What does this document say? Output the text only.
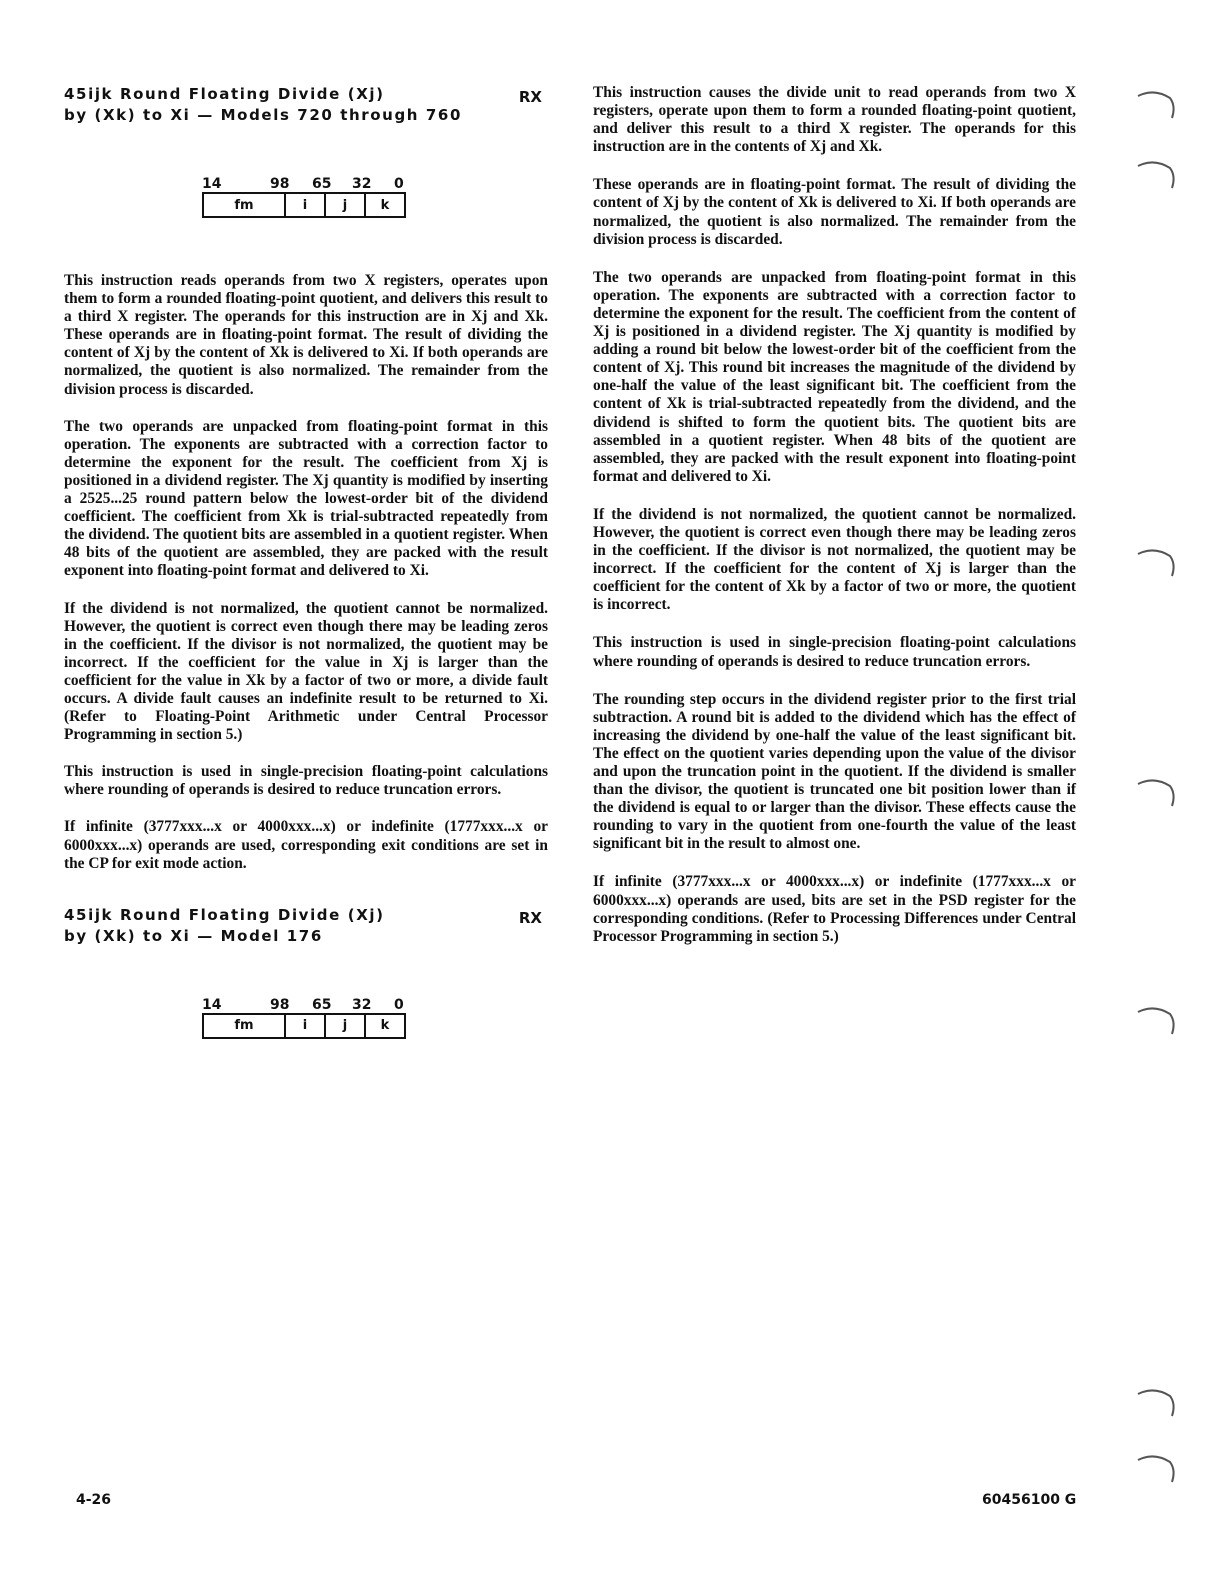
45ijk Round Floating Divide (Xj)
by (Xk) to Xi — Models 720 through 760
RX
14	98 65 32 0
fm	i	j	k

This instruction reads operands from two X registers, operates upon them to form a rounded floating-point quotient, and delivers this result to a third X register. The operands for this instruction are in Xj and Xk. These operands are in floating-point format. The result of dividing the content of Xj by the content of Xk is delivered to Xi. If both operands are normalized, the quotient is also normalized. The remainder from the division process is discarded.

The two operands are unpacked from floating-point format in this operation. The exponents are subtracted with a correction factor to determine the exponent for the result. The coefficient from Xj is positioned in a dividend register. The Xj quantity is modified by inserting a 2525...25 round pattern below the lowest-order bit of the dividend coefficient. The coefficient from Xk is trial-subtracted repeatedly from the dividend. The quotient bits are assembled in a quotient register. When 48 bits of the quotient are assembled, they are packed with the result exponent into floating-point format and delivered to Xi.

If the dividend is not normalized, the quotient cannot be normalized. However, the quotient is correct even though there may be leading zeros in the coefficient. If the divisor is not normalized, the quotient may be incorrect. If the coefficient for the value in Xj is larger than the coefficient for the value in Xk by a factor of two or more, a divide fault occurs. A divide fault causes an indefinite result to be returned to Xi. (Refer to Floating-Point Arithmetic under Central Processor Programming in section 5.)

This instruction is used in single-precision floating-point calculations where rounding of operands is desired to reduce truncation errors.

If infinite (3777xxx...x or 4000xxx...x) or indefinite (1777xxx...x or 6000xxx...x) operands are used, corresponding exit conditions are set in the CP for exit mode action.

45ijk Round Floating Divide (Xj)
by (Xk) to Xi — Model 176
RX
14	98 65 32 0
fm	i	j	k

This instruction causes the divide unit to read operands from two X registers, operate upon them to form a rounded floating-point quotient, and deliver this result to a third X register. The operands for this instruction are in the contents of Xj and Xk.

These operands are in floating-point format. The result of dividing the content of Xj by the content of Xk is delivered to Xi. If both operands are normalized, the quotient is also normalized. The remainder from the division process is discarded.

The two operands are unpacked from floating-point format in this operation. The exponents are subtracted with a correction factor to determine the exponent for the result. The coefficient from the content of Xj is positioned in a dividend register. The Xj quantity is modified by adding a round bit below the lowest-order bit of the coefficient from the content of Xj. This round bit increases the magnitude of the dividend by one-half the value of the least significant bit. The coefficient from the content of Xk is trial-subtracted repeatedly from the dividend, and the dividend is shifted to form the quotient bits. The quotient bits are assembled in a quotient register. When 48 bits of the quotient are assembled, they are packed with the result exponent into floating-point format and delivered to Xi.

If the dividend is not normalized, the quotient cannot be normalized. However, the quotient is correct even though there may be leading zeros in the coefficient. If the divisor is not normalized, the quotient may be incorrect. If the coefficient for the content of Xj is larger than the coefficient for the content of Xk by a factor of two or more, the quotient is incorrect.

This instruction is used in single-precision floating-point calculations where rounding of operands is desired to reduce truncation errors.

The rounding step occurs in the dividend register prior to the first trial subtraction. A round bit is added to the dividend which has the effect of increasing the dividend by one-half the value of the least significant bit. The effect on the quotient varies depending upon the value of the divisor and upon the truncation point in the quotient. If the dividend is smaller than the divisor, the quotient is truncated one bit position lower than if the dividend is equal to or larger than the divisor. These effects cause the rounding to vary in the quotient from one-fourth the value of the least significant bit in the result to almost one.

If infinite (3777xxx...x or 4000xxx...x) or indefinite (1777xxx...x or 6000xxx...x) operands are used, bits are set in the PSD register for the corresponding conditions. (Refer to Processing Differences under Central Processor Programming in section 5.)

4-26	60456100 G
